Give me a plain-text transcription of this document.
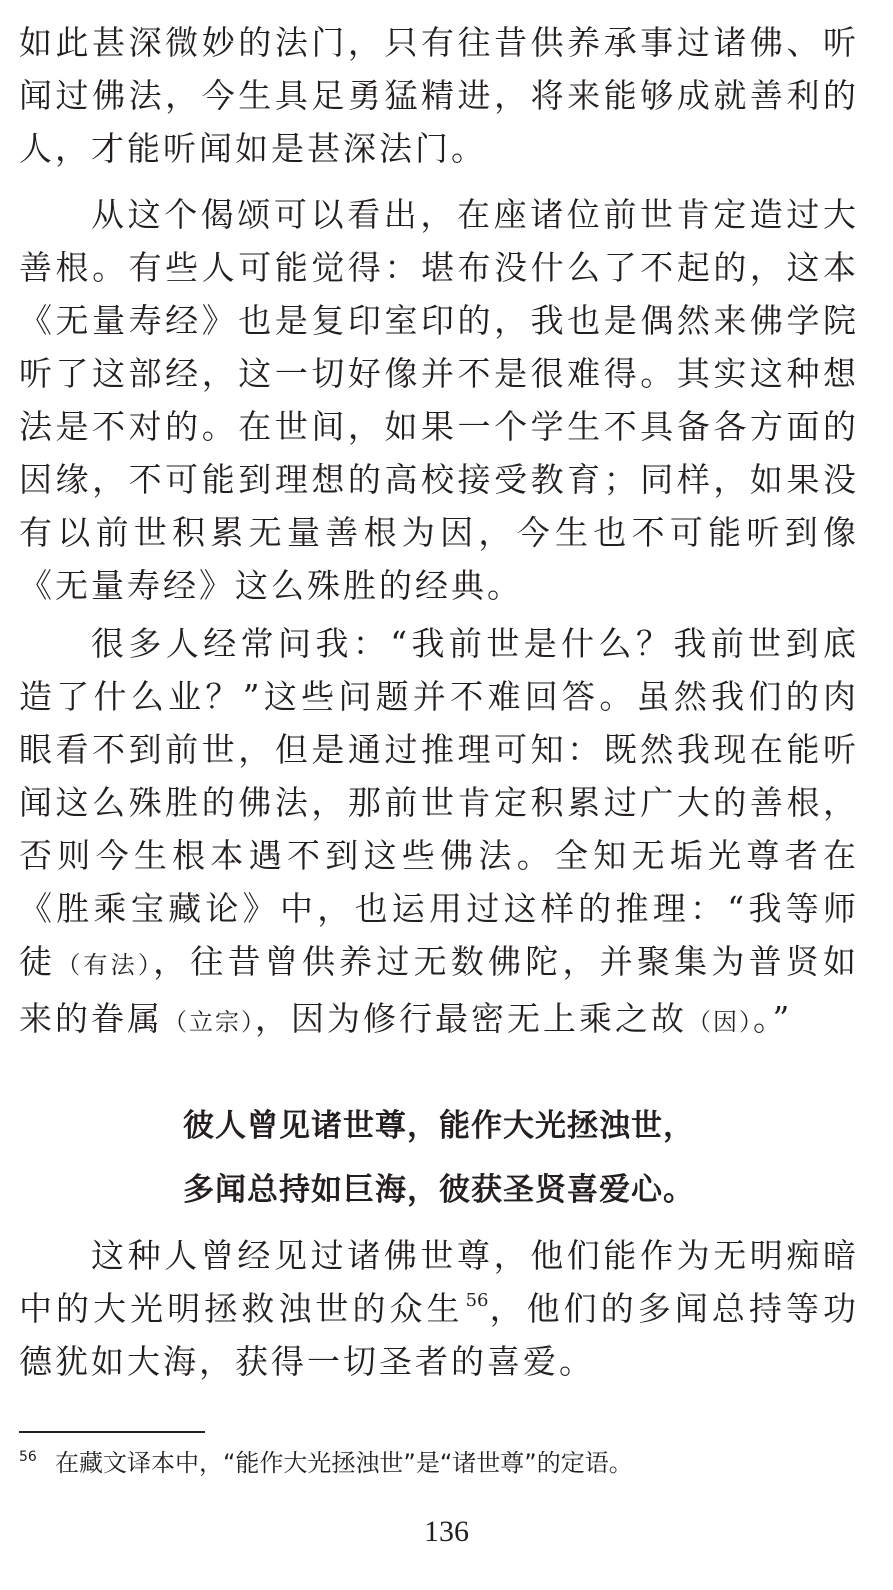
如此甚深微妙的法门，只有往昔供养承事过诸佛、听闻过佛法，今生具足勇猛精进，将来能够成就善利的人，才能听闻如是甚深法门。

从这个偈颂可以看出，在座诸位前世肯定造过大善根。有些人可能觉得：堪布没什么了不起的，这本《无量寿经》也是复印室印的，我也是偶然来佛学院听了这部经，这一切好像并不是很难得。其实这种想法是不对的。在世间，如果一个学生不具备各方面的因缘，不可能到理想的高校接受教育；同样，如果没有以前世积累无量善根为因，今生也不可能听到像《无量寿经》这么殊胜的经典。

很多人经常问我：“我前世是什么？我前世到底造了什么业？”这些问题并不难回答。虽然我们的肉眼看不到前世，但是通过推理可知：既然我现在能听闻这么殊胜的佛法，那前世肯定积累过广大的善根，否则今生根本遇不到这些佛法。全知无垢光尊者在《胜乘宝藏论》中，也运用过这样的推理：“我等师徒（有法），往昔曾供养过无数佛陀，并聚集为普贤如来的眷属（立宗），因为修行最密无上乘之故（因）。”

彼人曾见诸世尊，能作大光拯浊世，

多闻总持如巨海，彼获圣贤喜爱心。

这种人曾经见过诸佛世尊，他们能作为无明痴暗中的大光明拯救浊世的众生 $^{56}$，他们的多闻总持等功德犹如大海，获得一切圣者的喜爱。

56 在藏文译本中，“能作大光拯浊世”是“诸世尊”的定语。

136
